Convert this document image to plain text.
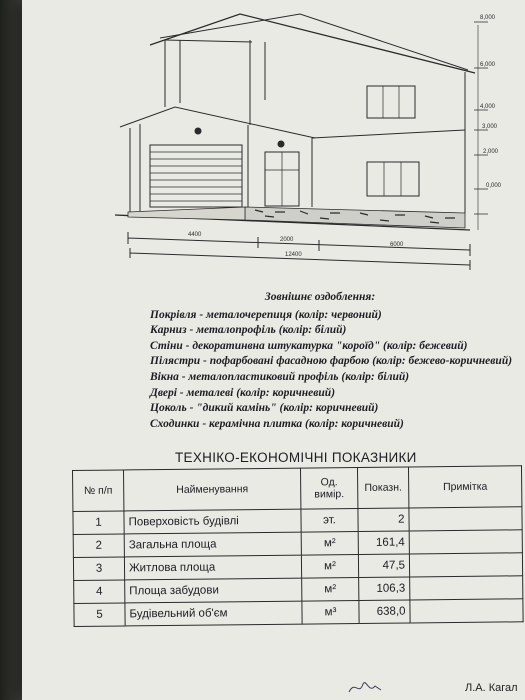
4400
2000
6000
12400
8,000
6,000
4,000
3,000
2,000
0,000
Зовнішнє оздоблення:
Покрівля - металочерепиця (колір: червоний)
Карниз - металопрофіль (колір: білий)
Стіни - декоратинвна штукатурка "короїд" (колір: бежевий)
Пілястри - пофарбовані фасадною фарбою (колір: бежево-коричневий)
Вікна - металопластиковий профіль (колір: білий)
Двері - металеві (колір: коричневий)
Цоколь - "дикий камінь" (колір: коричневий)
Сходинки - керамічна плитка (колір: коричневий)
ТЕХНІКО-ЕКОНОМІЧНІ ПОКАЗНИКИ
№ п/п	Найменування	Од. вимір.	Показн.	Примітка
1	Поверховість будівлі	эт.	2	
2	Загальна площа	м²	161,4	
3	Житлова площа	м²	47,5	
4	Площа забудови	м²	106,3	
5	Будівельний об'єм	м³	638,0	
Л.А. Кагал
